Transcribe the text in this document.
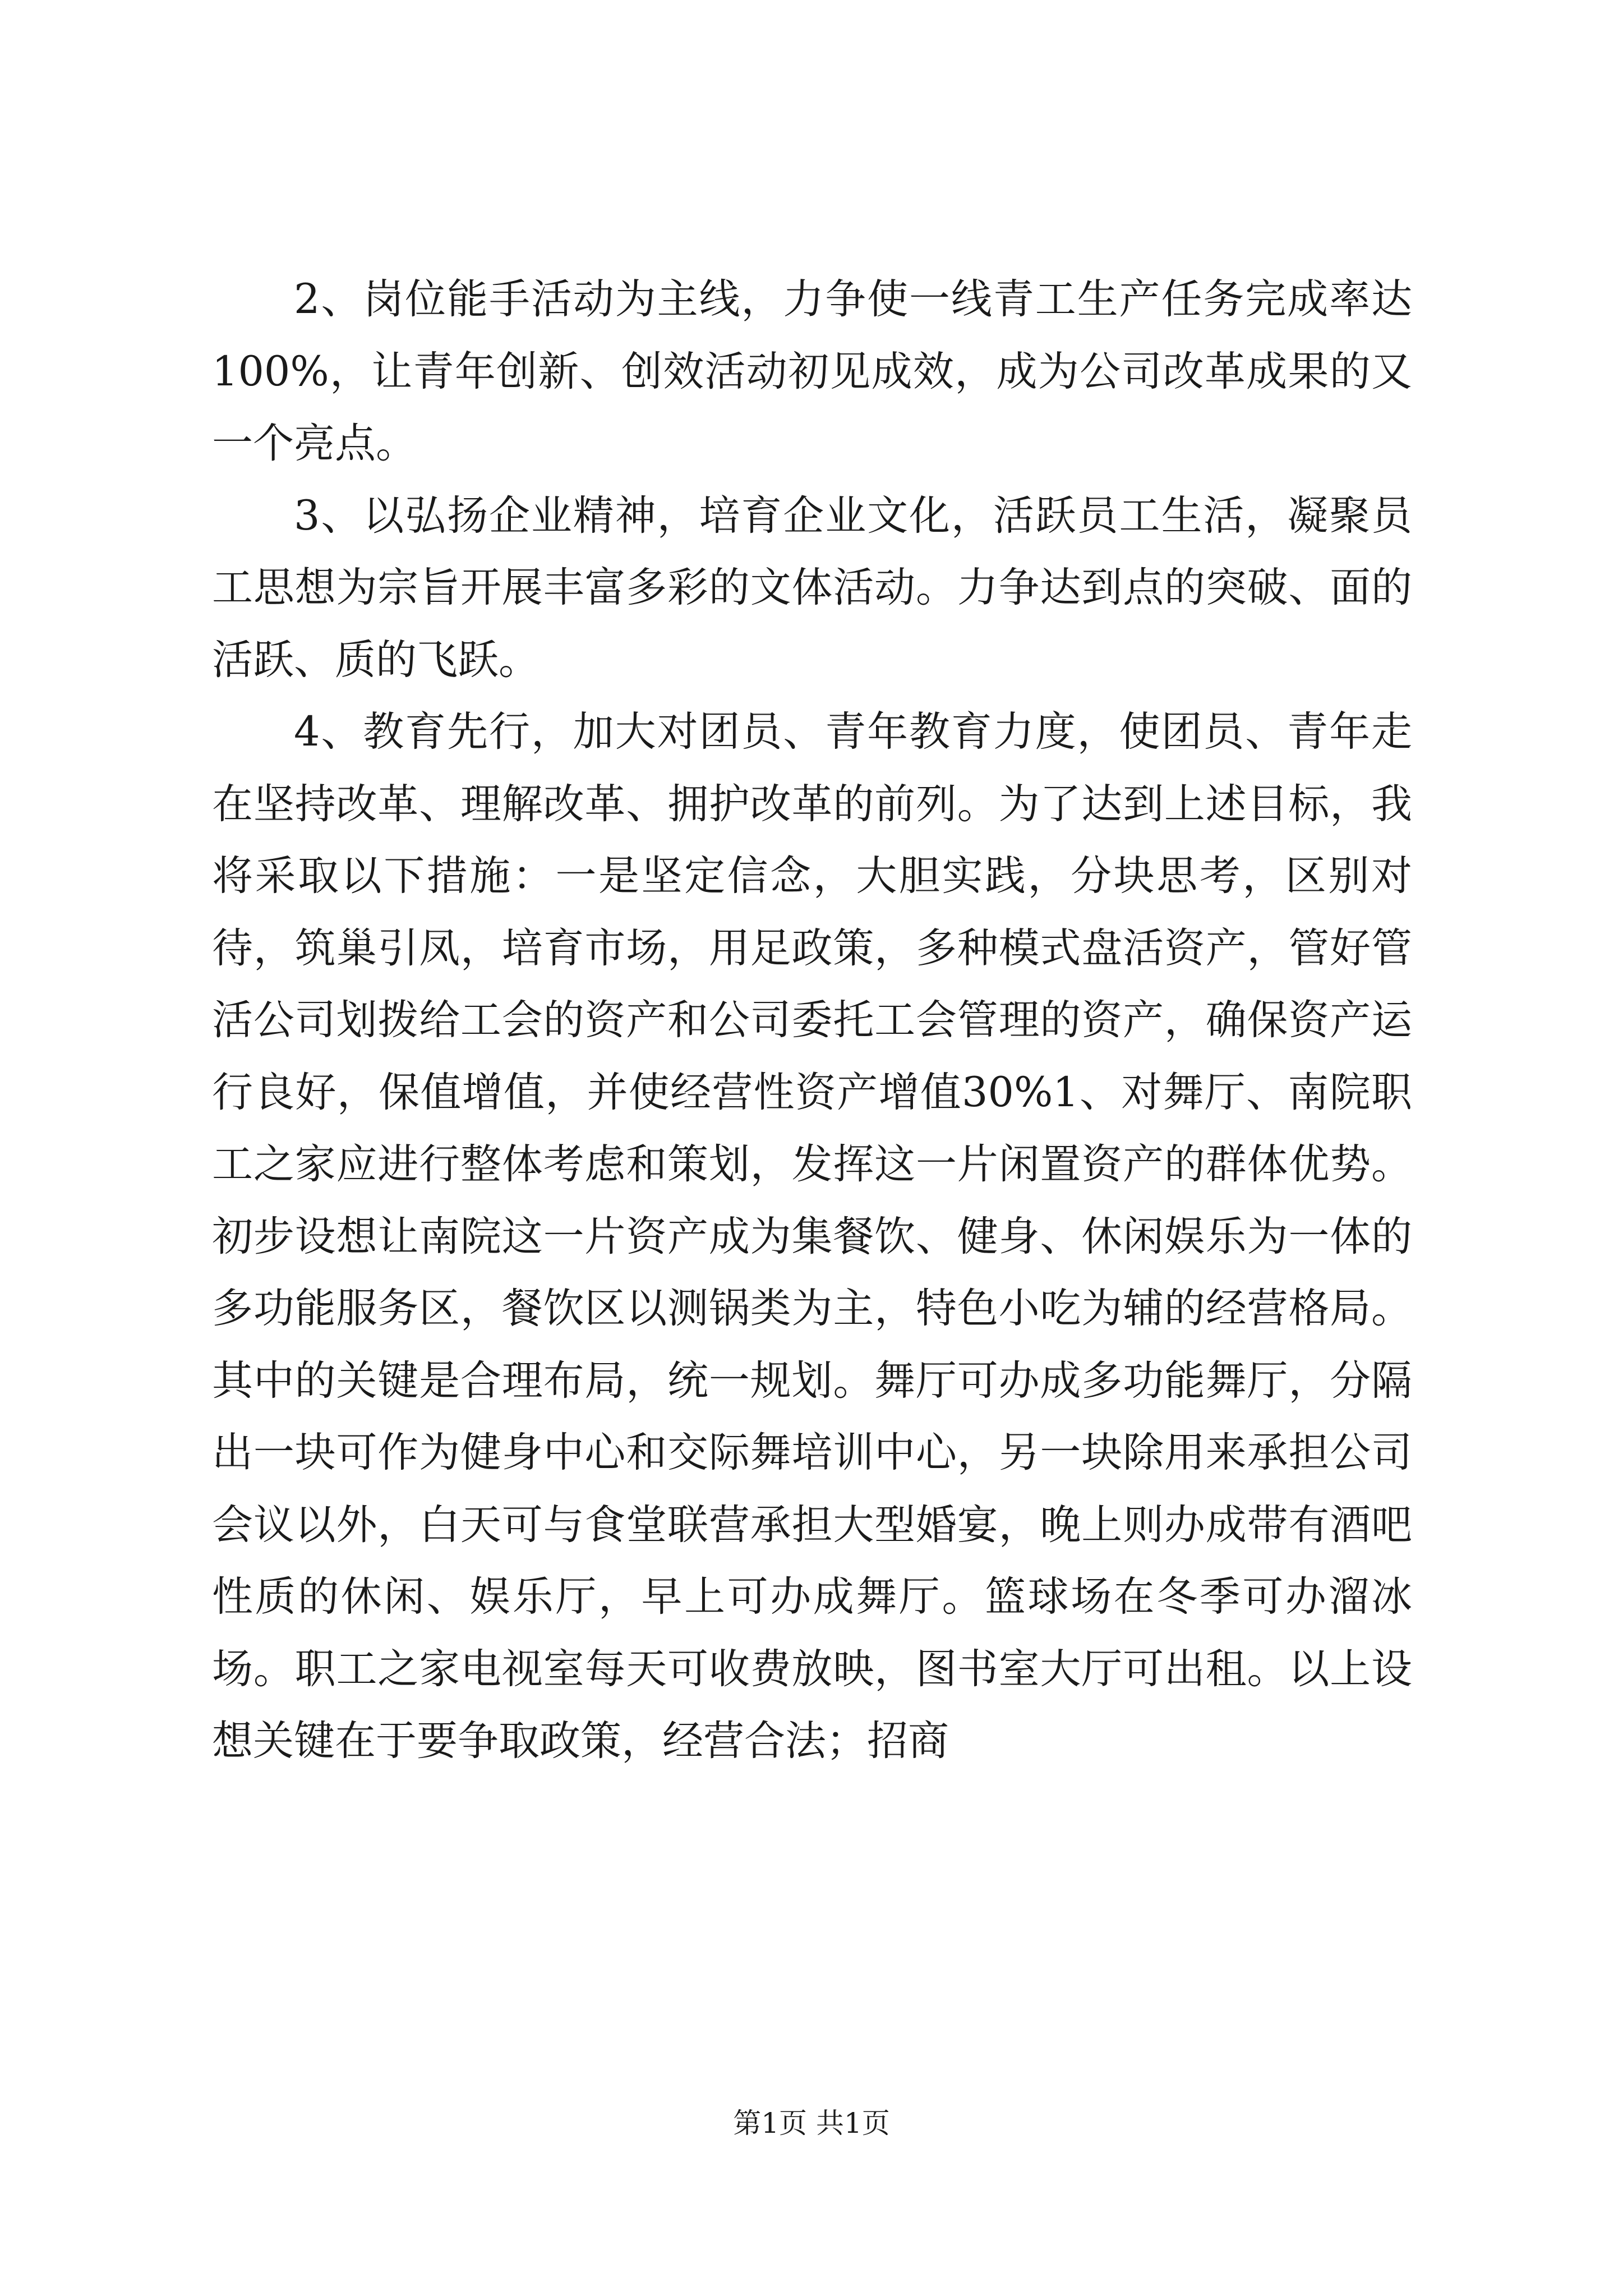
2、岗位能手活动为主线，力争使一线青工生产任务完成率达100%，让青年创新、创效活动初见成效，成为公司改革成果的又一个亮点。

3、以弘扬企业精神，培育企业文化，活跃员工生活，凝聚员工思想为宗旨开展丰富多彩的文体活动。力争达到点的突破、面的活跃、质的飞跃。

4、教育先行，加大对团员、青年教育力度，使团员、青年走在坚持改革、理解改革、拥护改革的前列。为了达到上述目标，我将采取以下措施：一是坚定信念，大胆实践，分块思考，区别对待，筑巢引凤，培育市场，用足政策，多种模式盘活资产，管好管活公司划拨给工会的资产和公司委托工会管理的资产，确保资产运行良好，保值增值，并使经营性资产增值30%1、对舞厅、南院职工之家应进行整体考虑和策划，发挥这一片闲置资产的群体优势。初步设想让南院这一片资产成为集餐饮、健身、休闲娱乐为一体的多功能服务区，餐饮区以测锅类为主，特色小吃为辅的经营格局。其中的关键是合理布局，统一规划。舞厅可办成多功能舞厅，分隔出一块可作为健身中心和交际舞培训中心，另一块除用来承担公司会议以外，白天可与食堂联营承担大型婚宴，晚上则办成带有酒吧性质的休闲、娱乐厅，早上可办成舞厅。篮球场在冬季可办溜冰场。职工之家电视室每天可收费放映，图书室大厅可出租。以上设想关键在于要争取政策，经营合法；招商

第1页 共1页
